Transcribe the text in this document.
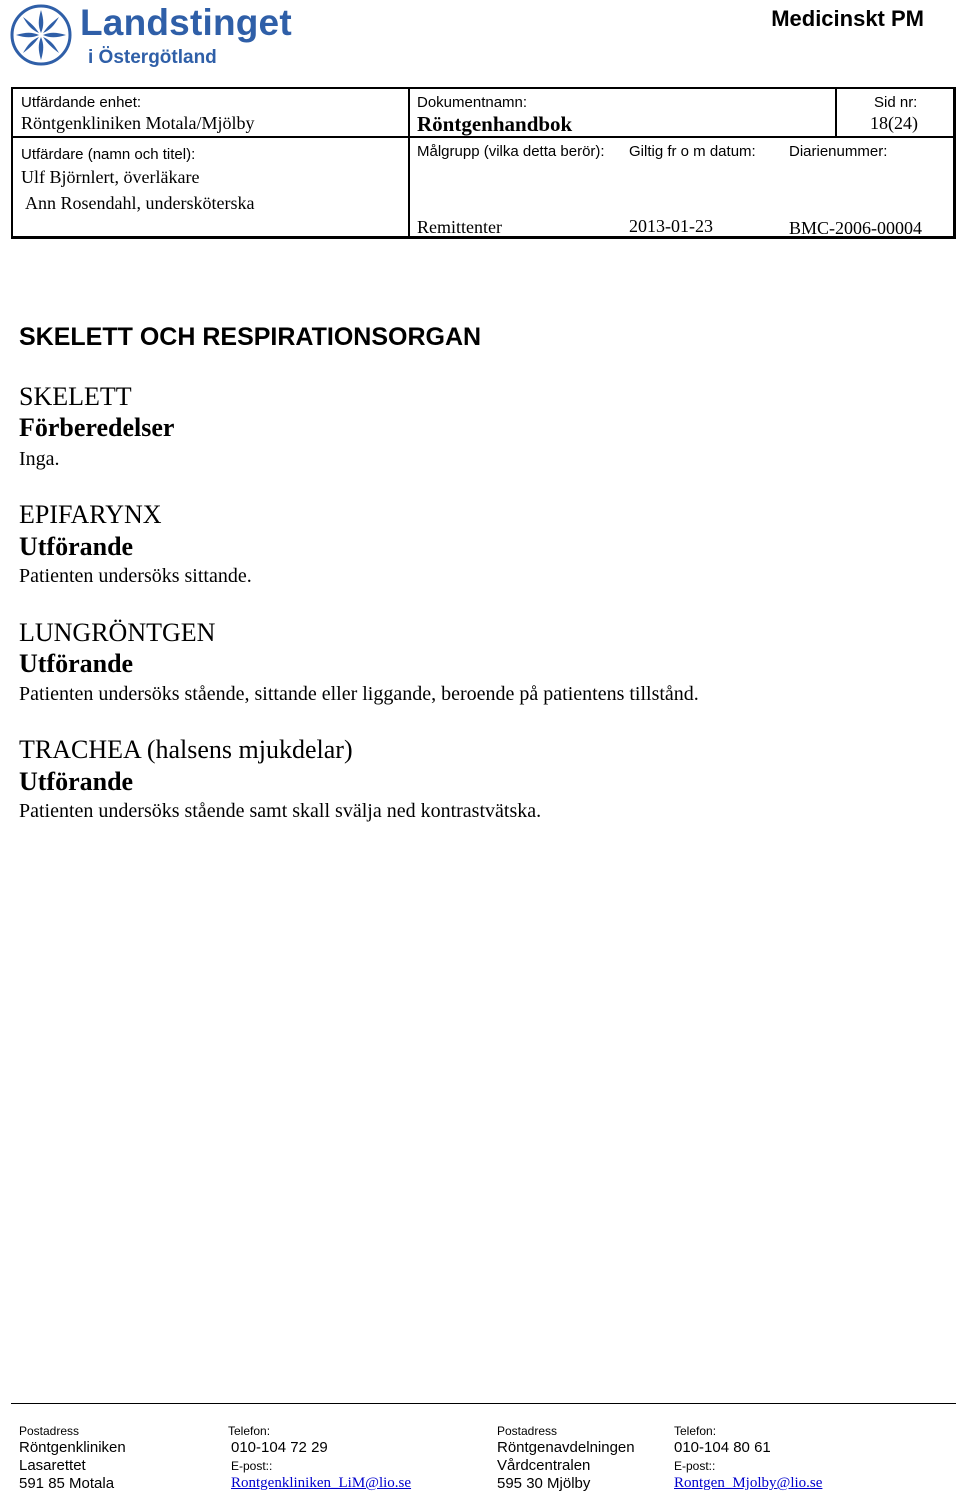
Landstinget
i Östergötland
Medicinskt PM
Utfärdande enhet:
Röntgenkliniken Motala/Mjölby
Dokumentnamn:
Röntgenhandbok
Sid nr:
18(24)
Utfärdare (namn och titel):
Ulf Björnlert, överläkare
Ann Rosendahl, undersköterska
Målgrupp (vilka detta berör):
Remittenter
Giltig fr o m datum:
2013-01-23
Diarienummer:
BMC-2006-00004
SKELETT OCH RESPIRATIONSORGAN
SKELETT
Förberedelser
Inga.
EPIFARYNX
Utförande
Patienten undersöks sittande.
LUNGRÖNTGEN
Utförande
Patienten undersöks stående, sittande eller liggande, beroende på patientens tillstånd.
TRACHEA (halsens mjukdelar)
Utförande
Patienten undersöks stående samt skall svälja ned kontrastvätska.
Postadress
Röntgenkliniken
Lasarettet
591 85 Motala
Telefon:
010-104 72 29
E-post::
Rontgenkliniken_LiM@lio.se
Postadress
Röntgenavdelningen
Vårdcentralen
595 30 Mjölby
Telefon:
010-104 80 61
E-post::
Rontgen_Mjolby@lio.se
